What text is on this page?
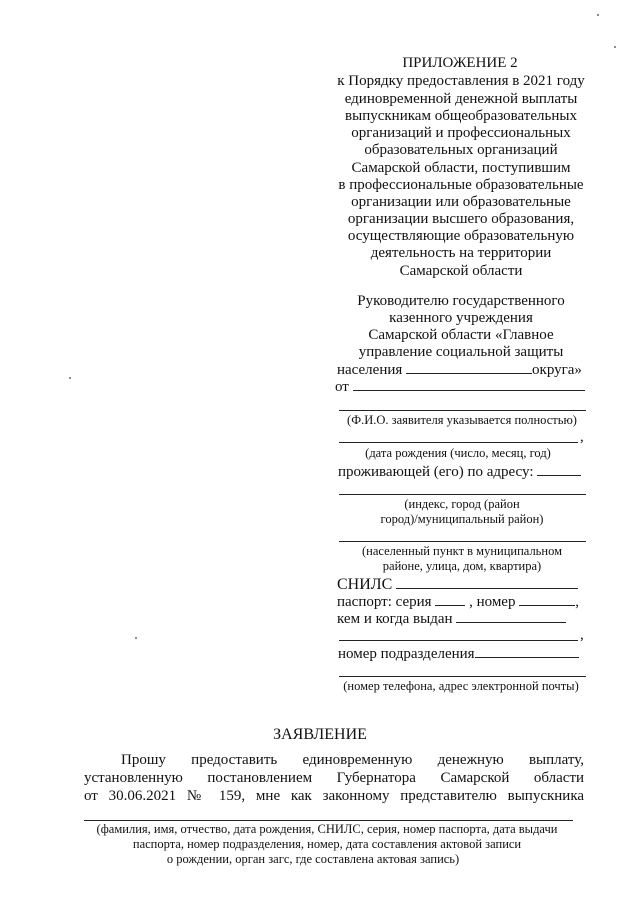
ПРИЛОЖЕНИЕ 2
к Порядку предоставления в 2021 году
единовременной денежной выплаты
выпускникам общеобразовательных
организаций и профессиональных
образовательных организаций
Самарской области, поступившим
в профессиональные образовательные
организации или образовательные
организации высшего образования,
осуществляющие образовательную
деятельность на территории
Самарской области
Руководителю государственного
казенного учреждения
Самарской области «Главное
управление социальной защиты
населения	округа»
от
(Ф.И.О. заявителя указывается полностью)
,
(дата рождения (число, месяц, год)
проживающей (его) по адресу:
(индекс, город (район
город)/муниципальный район)
(населенный пункт в муниципальном
районе, улица, дом, квартира)
СНИЛС
паспорт: серия	, номер	,
кем и когда выдан
,
номер подразделения
(номер телефона, адрес электронной почты)
ЗАЯВЛЕНИЕ
Прошу предоставить единовременную денежную выплату,
установленную постановлением Губернатора Самарской области
от 30.06.2021 № 159, мне как законному представителю выпускника
(фамилия, имя, отчество, дата рождения, СНИЛС, серия, номер паспорта, дата выдачи
паспорта, номер подразделения, номер, дата составления актовой записи
о рождении, орган загс, где составлена актовая запись)
